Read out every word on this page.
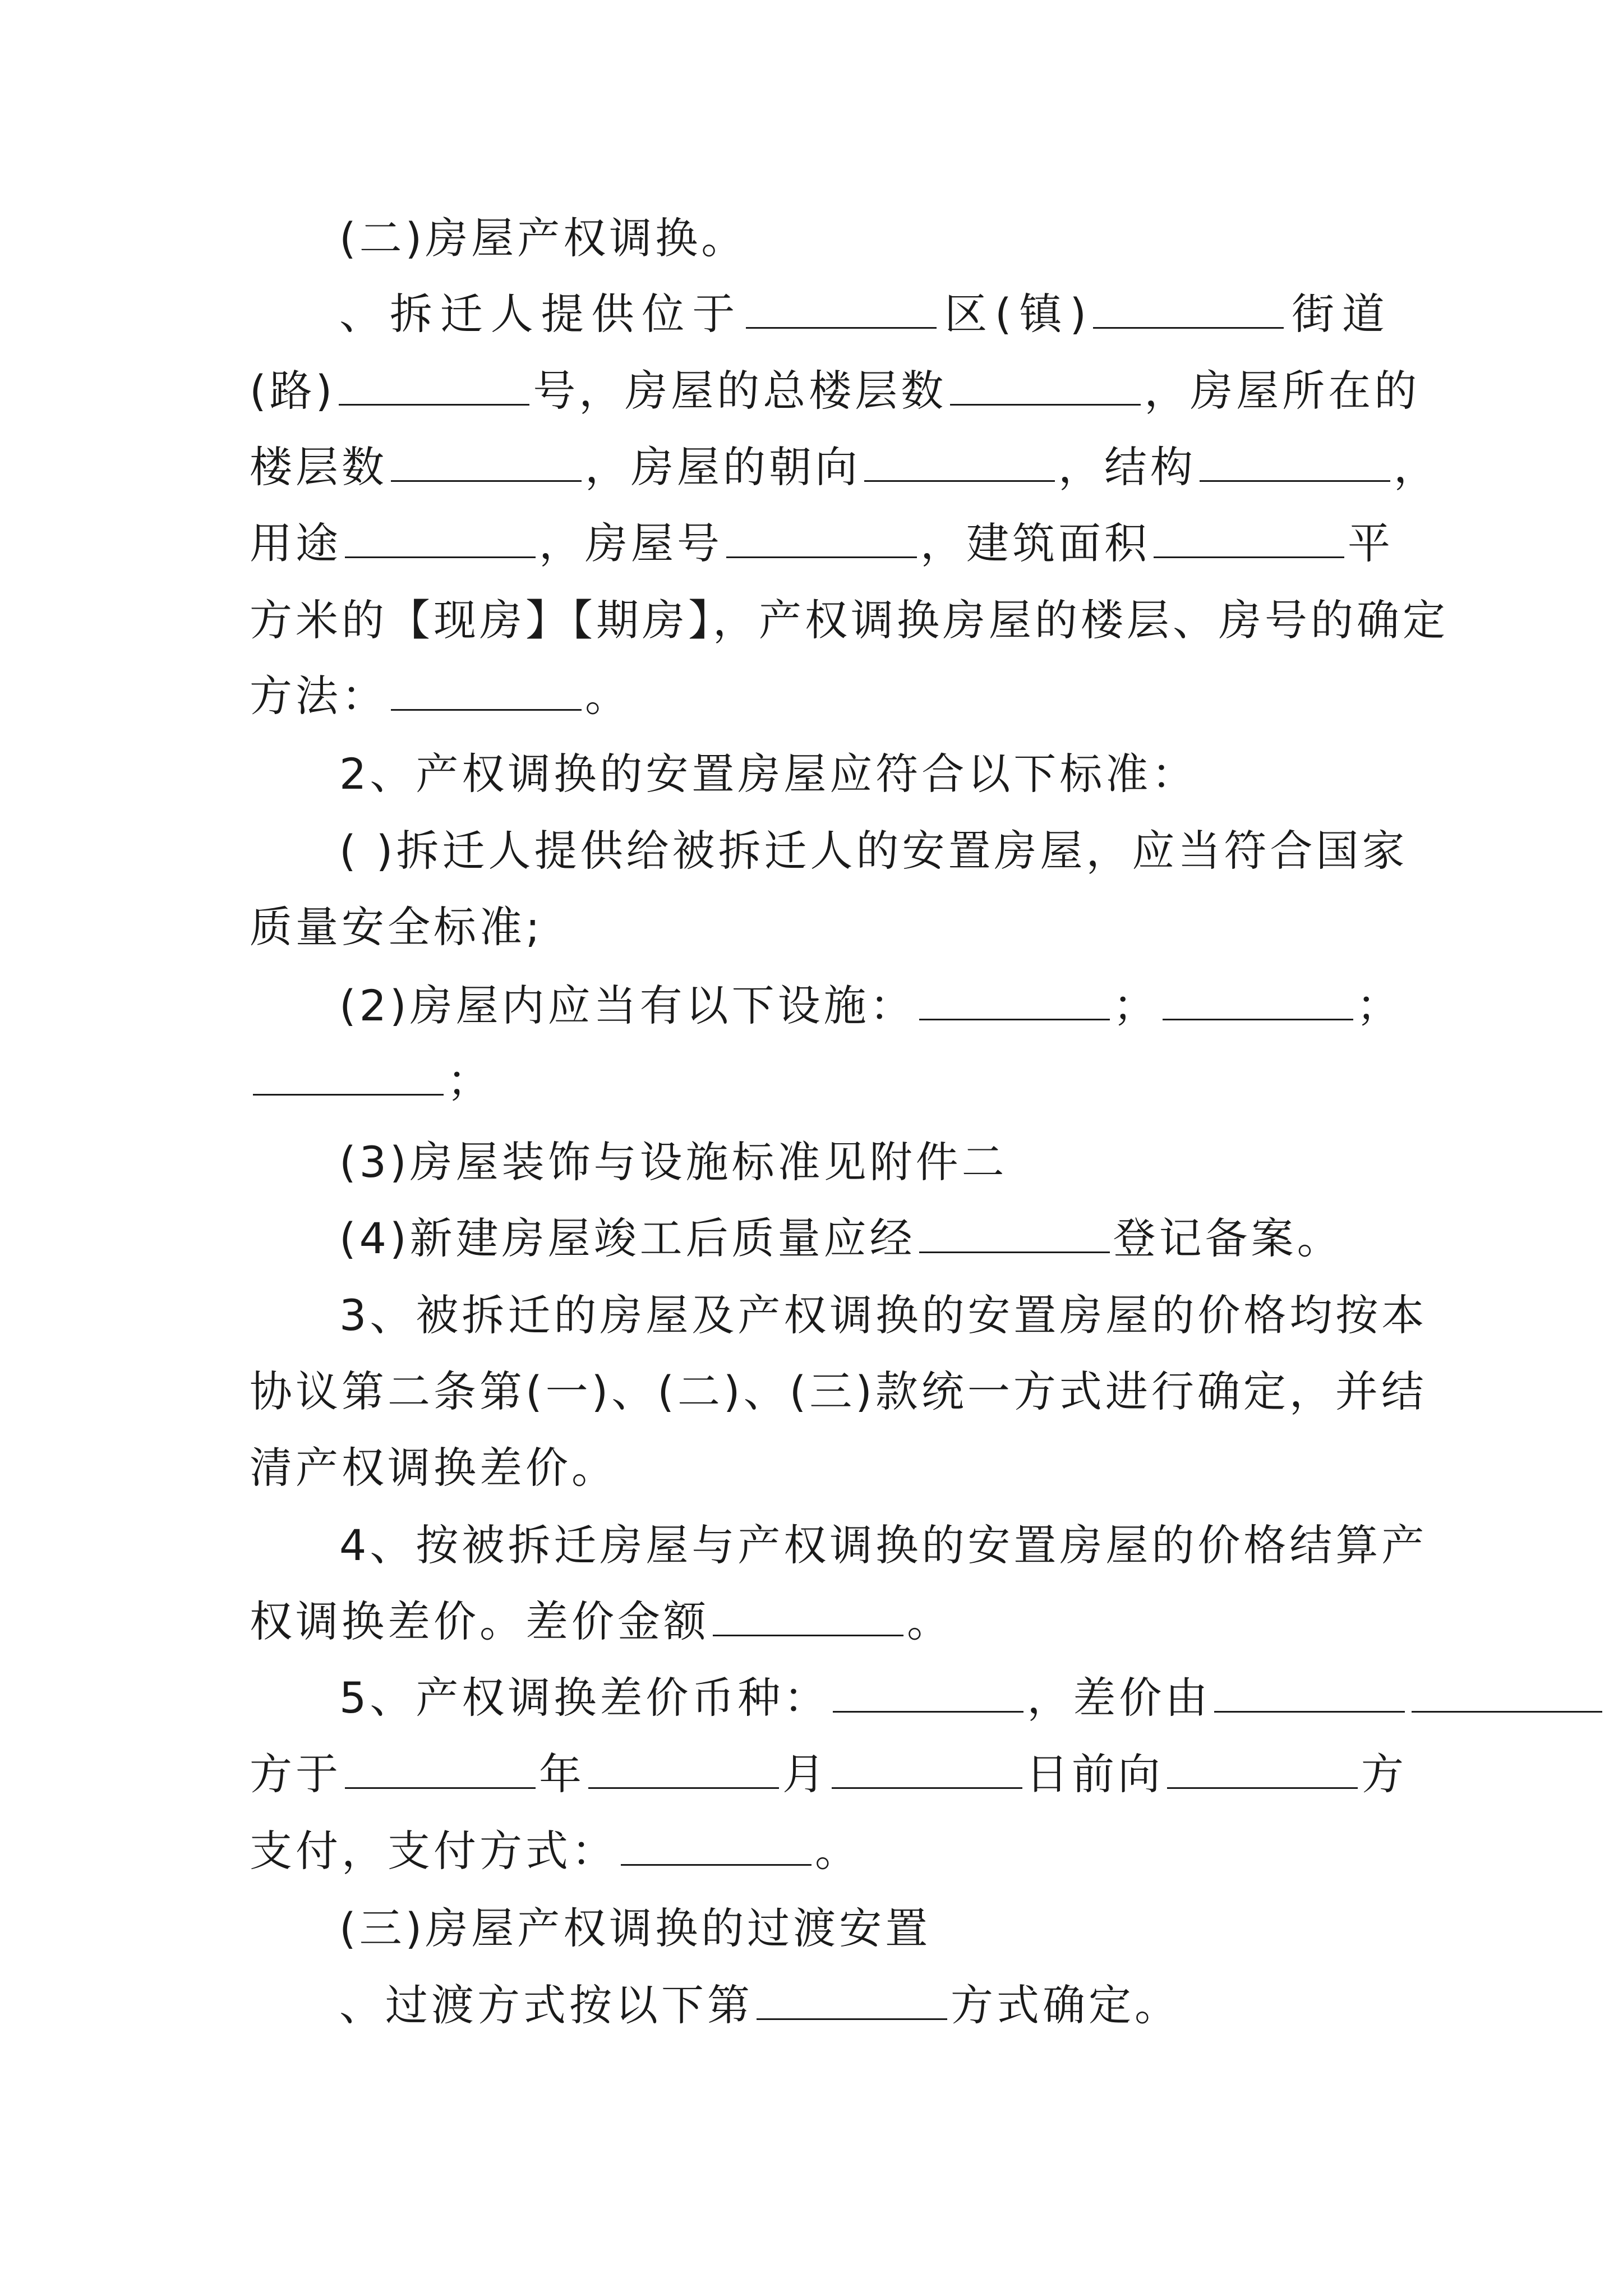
(二)房屋产权调换。
、拆迁人提供位于	区(镇)	街道
(路)	号，房屋的总楼层数	，房屋所在的
楼层数	，房屋的朝向	，结构	，
用途	，房屋号	，建筑面积	平
方米的【现房】【期房】，产权调换房屋的楼层、房号的确定
方法：	。
2、产权调换的安置房屋应符合以下标准：
( )拆迁人提供给被拆迁人的安置房屋，应当符合国家
质量安全标准;
(2)房屋内应当有以下设施：	；	；
；
(3)房屋装饰与设施标准见附件二
(4)新建房屋竣工后质量应经	登记备案。
3、被拆迁的房屋及产权调换的安置房屋的价格均按本
协议第二条第(一)、(二)、(三)款统一方式进行确定，并结
清产权调换差价。
4、按被拆迁房屋与产权调换的安置房屋的价格结算产
权调换差价。差价金额	。
5、产权调换差价币种：	，差价由
方于	年	月	日前向	方
支付，支付方式：	。
(三)房屋产权调换的过渡安置
、过渡方式按以下第	方式确定。
